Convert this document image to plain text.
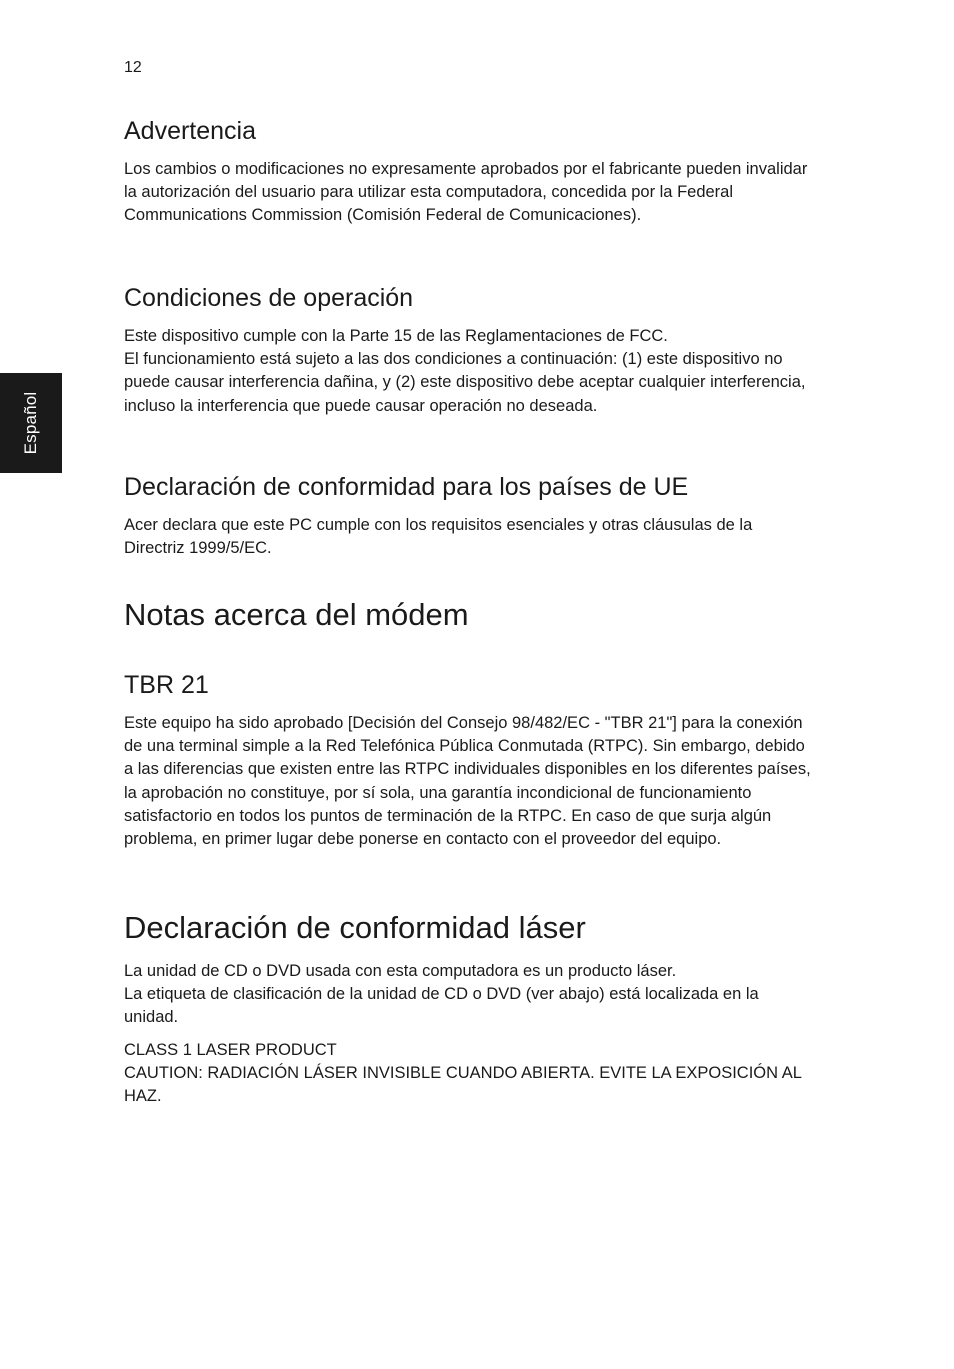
12
Español
Advertencia

Los cambios o modificaciones no expresamente aprobados por el fabricante pueden invalidar la autorización del usuario para utilizar esta computadora, concedida por la Federal Communications Commission (Comisión Federal de Comunicaciones).

Condiciones de operación

Este dispositivo cumple con la Parte 15 de las Reglamentaciones de FCC.

El funcionamiento está sujeto a las dos condiciones a continuación: (1) este dispositivo no puede causar interferencia dañina, y (2) este dispositivo debe aceptar cualquier interferencia, incluso la interferencia que puede causar operación no deseada.

Declaración de conformidad para los países de UE

Acer declara que este PC cumple con los requisitos esenciales y otras cláusulas de la Directriz 1999/5/EC.

Notas acerca del módem
TBR 21

Este equipo ha sido aprobado [Decisión del Consejo 98/482/EC - "TBR 21"] para la conexión de una terminal simple a la Red Telefónica Pública Conmutada (RTPC). Sin embargo, debido a las diferencias que existen entre las RTPC individuales disponibles en los diferentes países, la aprobación no constituye, por sí sola, una garantía incondicional de funcionamiento satisfactorio en todos los puntos de terminación de la RTPC. En caso de que surja algún problema, en primer lugar debe ponerse en contacto con el proveedor del equipo.

Declaración de conformidad láser

La unidad de CD o DVD usada con esta computadora es un producto láser.

La etiqueta de clasificación de la unidad de CD o DVD (ver abajo) está localizada en la unidad.

CLASS 1 LASER PRODUCT

CAUTION: RADIACIÓN LÁSER INVISIBLE CUANDO ABIERTA. EVITE LA EXPOSICIÓN AL HAZ.
